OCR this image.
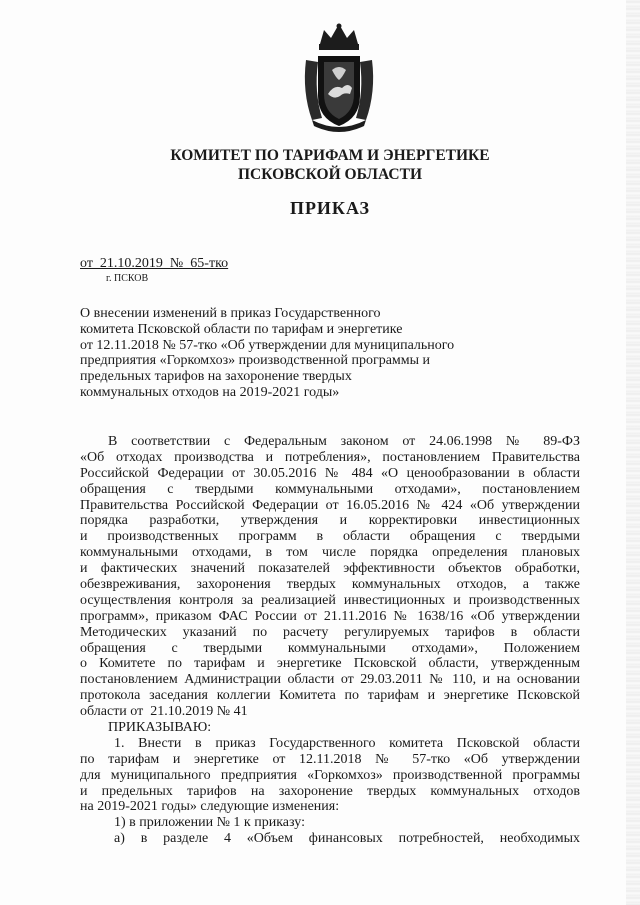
КОМИТЕТ ПО ТАРИФАМ И ЭНЕРГЕТИКЕ
ПСКОВСКОЙ ОБЛАСТИ
ПРИКАЗ
от  21.10.2019  №  65-тко
г. ПСКОВ
О внесении изменений в приказ Государственного
комитета Псковской области по тарифам и энергетике
от 12.11.2018 № 57-тко «Об утверждении для муниципального
предприятия «Горкомхоз» производственной программы и
предельных тарифов на захоронение твердых
коммунальных отходов на 2019-2021 годы»
В соответствии с Федеральным законом от 24.06.1998 № 89-ФЗ
«Об отходах производства и потребления», постановлением Правительства
Российской Федерации от 30.05.2016 № 484 «О ценообразовании в области
обращения с твердыми коммунальными отходами», постановлением
Правительства Российской Федерации от 16.05.2016 № 424 «Об утверждении
порядка разработки, утверждения и корректировки инвестиционных
и производственных программ в области обращения с твердыми
коммунальными отходами, в том числе порядка определения плановых
и фактических значений показателей эффективности объектов обработки,
обезвреживания, захоронения твердых коммунальных отходов, а также
осуществления контроля за реализацией инвестиционных и производственных
программ», приказом ФАС России от 21.11.2016 № 1638/16 «Об утверждении
Методических указаний по расчету регулируемых тарифов в области
обращения с твердыми коммунальными отходами», Положением
о Комитете по тарифам и энергетике Псковской области, утвержденным
постановлением Администрации области от 29.03.2011 № 110, и на основании
протокола заседания коллегии Комитета по тарифам и энергетике Псковской
области от  21.10.2019 № 41
ПРИКАЗЫВАЮ:
1. Внести в приказ Государственного комитета Псковской области
по тарифам и энергетике от 12.11.2018 № 57-тко «Об утверждении
для муниципального предприятия «Горкомхоз» производственной программы
и предельных тарифов на захоронение твердых коммунальных отходов
на 2019-2021 годы» следующие изменения:
1) в приложении № 1 к приказу:
а) в разделе 4 «Объем финансовых потребностей, необходимых
